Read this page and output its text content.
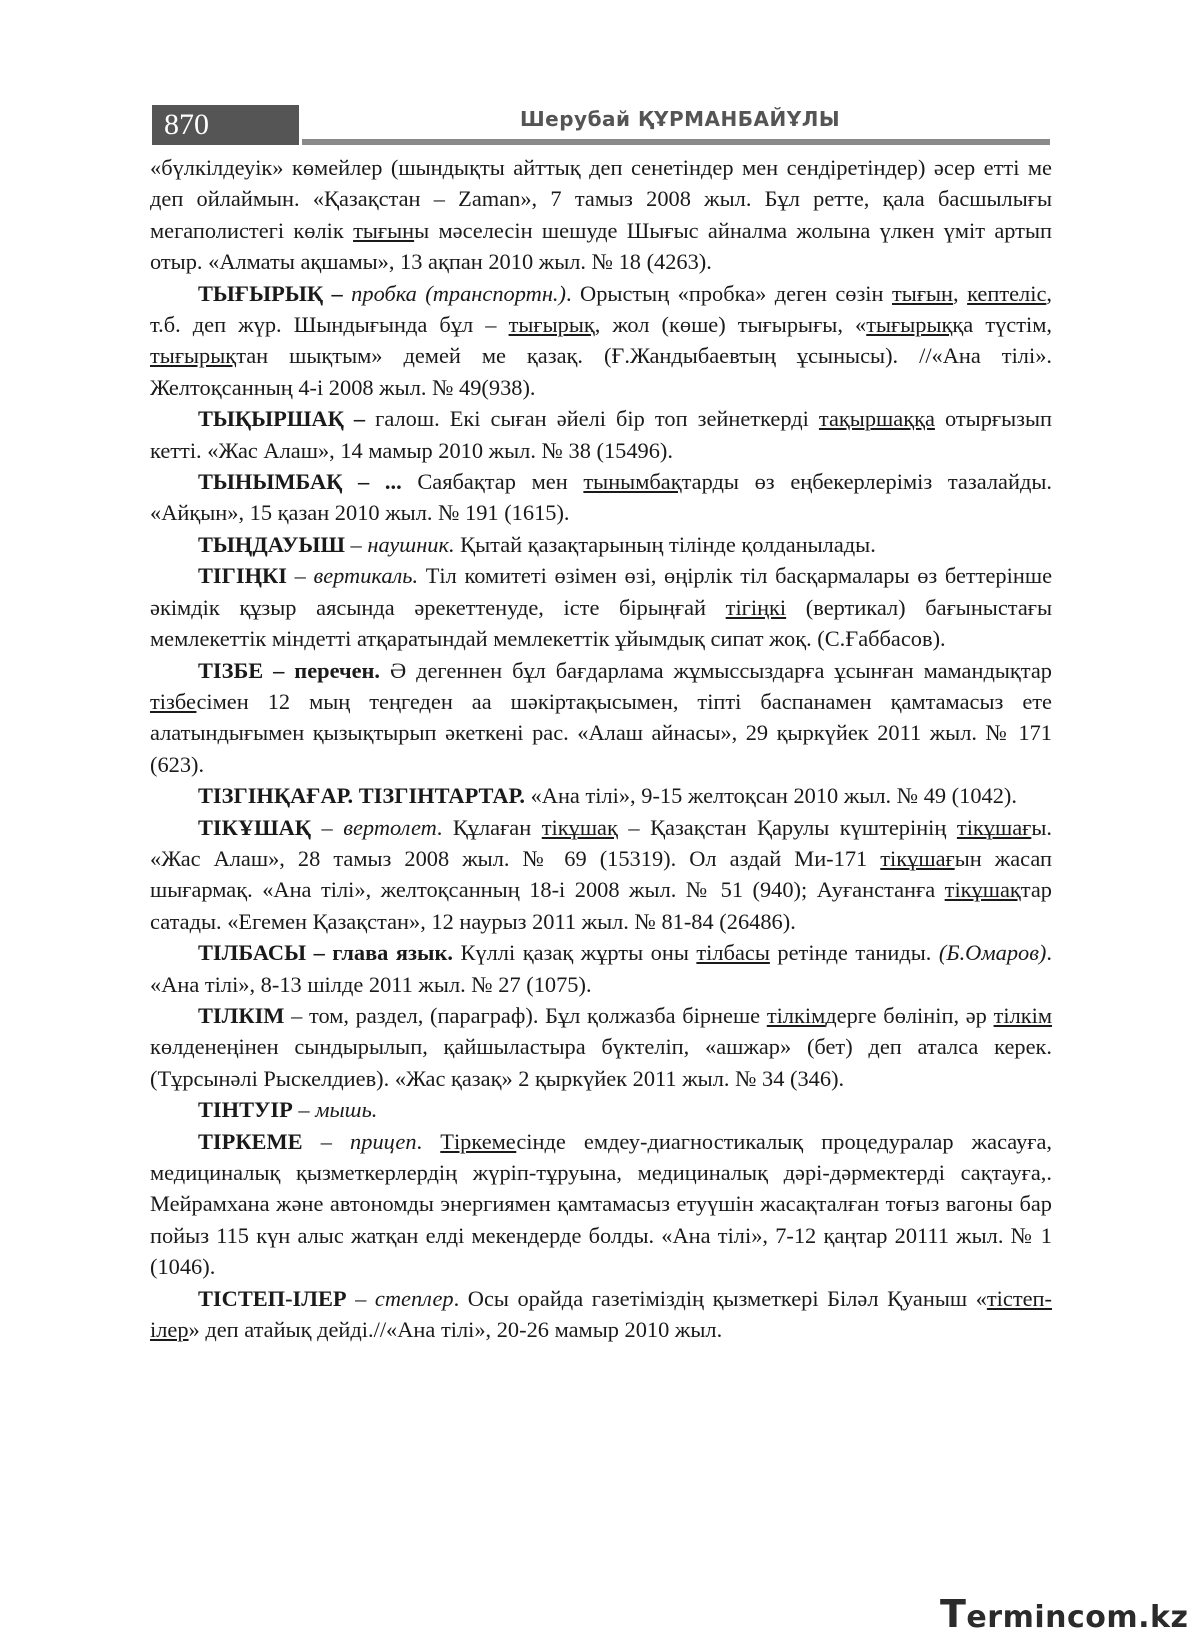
870	Шерубай ҚҰРМАНБАЙҰЛЫ

«бүлкілдеуік» көмейлер (шындықты айттық деп сенетіндер мен сендіретіндер) әсер етті ме деп ойлаймын. «Қазақстан – Zaman», 7 тамыз 2008 жыл. Бұл ретте, қала басшылығы мегаполистегі көлік тығыны мәселесін шешуде Шығыс айналма жолына үлкен үміт артып отыр. «Алматы ақшамы», 13 ақпан 2010 жыл. № 18 (4263).

ТЫҒЫРЫҚ – пробка (транспортн.). Орыстың «пробка» деген сөзін тығын, кептеліс, т.б. деп жүр. Шындығында бұл – тығырық, жол (көше) тығырығы, «тығырыққа түстім, тығырықтан шықтым» демей ме қазақ. (Ғ.Жандыбаевтың ұсынысы). //«Ана тілі». Желтоқсанның 4-і 2008 жыл. № 49(938).

ТЫҚЫРШАҚ – галош. Екі сыған әйелі бір топ зейнеткерді тақыршаққа отырғызып кетті. «Жас Алаш», 14 мамыр 2010 жыл. № 38 (15496).

ТЫНЫМБАҚ – ... Саябақтар мен тынымбақтарды өз еңбекерлеріміз тазалайды. «Айқын», 15 қазан 2010 жыл. № 191 (1615).

ТЫҢДАУЫШ – наушник. Қытай қазақтарының тілінде қолданылады.

ТІГІҢКІ – вертикаль. Тіл комитеті өзімен өзі, өңірлік тіл басқармалары өз беттерінше әкімдік құзыр аясында әрекеттенуде, істе бірыңғай тігіңкі (вертикал) бағыныстағы мемлекеттік міндетті атқаратындай мемлекеттік ұйымдық сипат жоқ. (С.Ғаббасов).

ТІЗБЕ – перечен. Ә дегеннен бұл бағдарлама жұмыссыздарға ұсынған мамандықтар тізбесімен 12 мың теңгеден аа шәкіртақысымен, тіпті баспанамен қамтамасыз ете алатындығымен қызықтырып әкеткені рас. «Алаш айнасы», 29 қыркүйек 2011 жыл. № 171 (623).

ТІЗГІНҚАҒАР. ТІЗГІНТАРТАР. «Ана тілі», 9-15 желтоқсан 2010 жыл. № 49 (1042).

ТІКҰШАҚ – вертолет. Құлаған тікұшақ – Қазақстан Қарулы күштерінің тікұшағы. «Жас Алаш», 28 тамыз 2008 жыл. № 69 (15319). Ол аздай Ми-171 тікұшағын жасап шығармақ. «Ана тілі», желтоқсанның 18-і 2008 жыл. № 51 (940); Ауғанстанға тікұшақтар сатады. «Егемен Қазақстан», 12 наурыз 2011 жыл. № 81-84 (26486).

ТІЛБАСЫ – глава язык. Күллі қазақ жұрты оны тілбасы ретінде таниды. (Б.Омаров). «Ана тілі», 8-13 шілде 2011 жыл. № 27 (1075).

ТІЛКІМ – том, раздел, (параграф). Бұл қолжазба бірнеше тілкімдерге бөлініп, әр тілкім көлденеңінен сындырылып, қайшыластыра бүктеліп, «ашжар» (бет) деп аталса керек. (Тұрсынәлі Рыскелдиев). «Жас қазақ» 2 қыркүйек 2011 жыл. № 34 (346).

ТІНТУІР – мышь.

ТІРКЕМЕ – прицеп. Тіркемесінде емдеу-диагностикалық процедуралар жасауға, медициналық қызметкерлердің жүріп-тұруына, медициналық дәрі-дәрмектерді сақтауға,. Мейрамхана және автономды энергиямен қамтамасыз етуүшін жасақталған тоғыз вагоны бар пойыз 115 күн алыс жатқан елді мекендерде болды. «Ана тілі», 7-12 қаңтар 20111 жыл. № 1 (1046).

ТІСТЕП-ІЛЕР – степлер. Осы орайда газетіміздің қызметкері Біләл Қуаныш «тістеп-ілер» деп атайық дейді.//«Ана тілі», 20-26 мамыр 2010 жыл.

Termincom.kz
